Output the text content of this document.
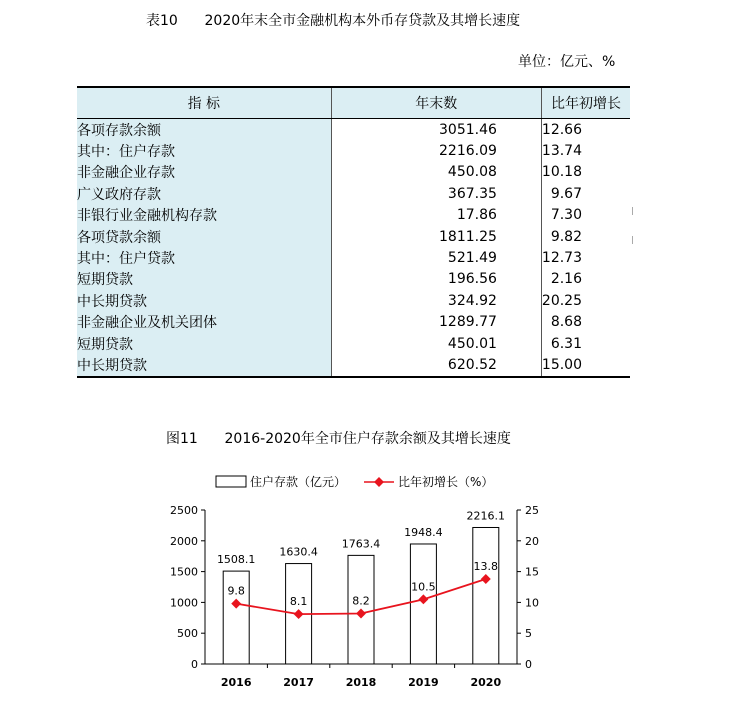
表10      2020年末全市金融机构本外币存贷款及其增长速度
单位：亿元、%
指 标	年末数	比年初增长
各项存款余额	3051.46	12.66
其中：住户存款	2216.09	13.74
非金融企业存款	450.08	10.18
广义政府存款	367.35	9.67
非银行业金融机构存款	17.86	7.30
各项贷款余额	1811.25	9.82
其中：住户贷款	521.49	12.73
短期贷款	196.56	2.16
中长期贷款	324.92	20.25
非金融企业及机关团体	1289.77	8.68
短期贷款	450.01	6.31
中长期贷款	620.52	15.00
图11      2016-2020年全市住户存款余额及其增长速度
住户存款（亿元）	比年初增长（%）
0
500
1000
1500
2000
2500
0
5
10
15
20
25
1508.1
2016
1630.4
2017
1763.4
2018
1948.4
2019
2216.1
2020
9.8
8.1	8.2
10.5
13.8
